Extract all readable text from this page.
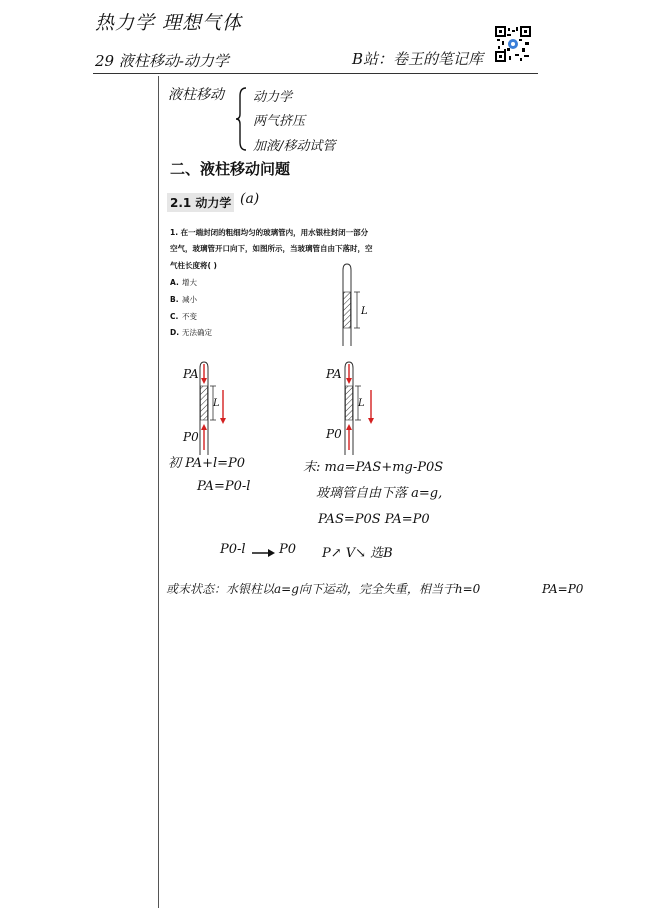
热力学 理想气体
29 液柱移动-动力学	B站：卷王的笔记库
液柱移动 动力学
两气挤压
加液/移动试管
二、液柱移动问题
2.1 动力学 (a)
1. 在一端封闭的粗细均匀的玻璃管内，用水银柱封闭一部分
空气，玻璃管开口向下，如图所示，当玻璃管自由下落时，空
气柱长度将( )
A. 增大
B. 减小
C. 不变
D. 无法确定
L
PA
P0
L
PA
P0
L
初 PA+l=P0
PA=P0-l
末: ma=PAS+mg-P0S
玻璃管自由下落 a=g,
PAS=P0S PA=P0
P0-l	P0 P↗ V↘ 选B
或末状态：水银柱以a=g向下运动，完全失重，相当于h=0	PA=P0
